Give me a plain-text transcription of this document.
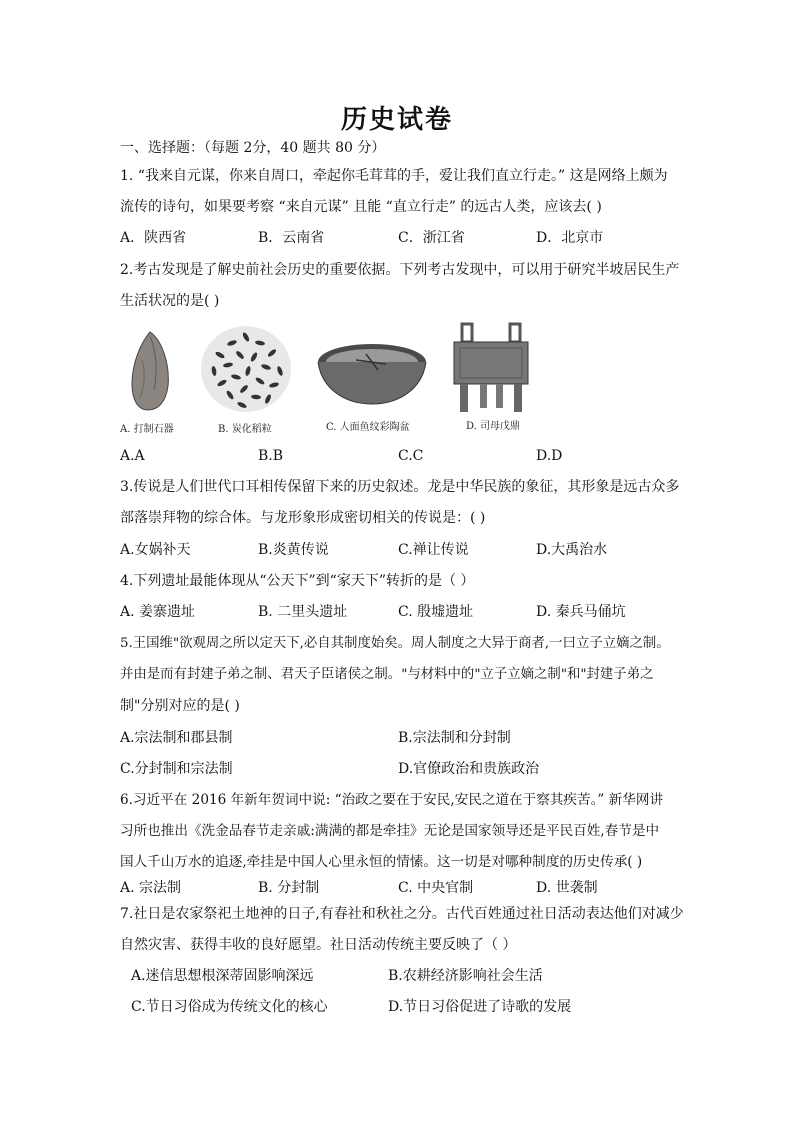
历史试卷
一、选择题：（每题 2分，40 题共 80 分）
1. “我来自元谋，你来自周口，牵起你毛茸茸的手，爱让我们直立行走。” 这是网络上颇为
流传的诗句，如果要考察 “来自元谋” 且能 “直立行走” 的远古人类，应该去( )
A．陕西省	B．云南省	C．浙江省	D．北京市
2.考古发现是了解史前社会历史的重要依据。下列考古发现中，可以用于研究半坡居民生产
生活状况的是( )
A. 打制石器	B. 炭化稻粒	C. 人面鱼纹彩陶盆	D. 司母戊鼎
A.A	B.B	C.C	D.D
3.传说是人们世代口耳相传保留下来的历史叙述。龙是中华民族的象征，其形象是远古众多
部落崇拜物的综合体。与龙形象形成密切相关的传说是：( )
A.女娲补天	B.炎黄传说	C.禅让传说	D.大禹治水
4.下列遗址最能体现从“公天下”到“家天下”转折的是（ ）
A. 姜寨遗址	B. 二里头遗址	C. 殷墟遗址	D. 秦兵马俑坑
5.王国维"欲观周之所以定天下,必自其制度始矣。周人制度之大异于商者,一曰立子立嫡之制。
并由是而有封建子弟之制、君天子臣诸侯之制。"与材料中的"立子立嫡之制"和"封建子弟之
制"分别对应的是( )
A.宗法制和郡县制	B.宗法制和分封制
C.分封制和宗法制	D.官僚政治和贵族政治
6.习近平在 2016 年新年贺词中说: “治政之要在于安民,安民之道在于察其疾苦。” 新华网讲
习所也推出《洗金品春节走亲戚:满满的都是牵挂》无论是国家领导还是平民百姓,春节是中
国人千山万水的追逐,牵挂是中国人心里永恒的情愫。这一切是对哪种制度的历史传承( )
A. 宗法制	B. 分封制	C. 中央官制	D. 世袭制
7.社日是农家祭祀土地神的日子,有春社和秋社之分。古代百姓通过社日活动表达他们对减少
自然灾害、获得丰收的良好愿望。社日活动传统主要反映了（ ）
A.迷信思想根深蒂固影响深远	B.农耕经济影响社会生活
C.节日习俗成为传统文化的核心	D.节日习俗促进了诗歌的发展
